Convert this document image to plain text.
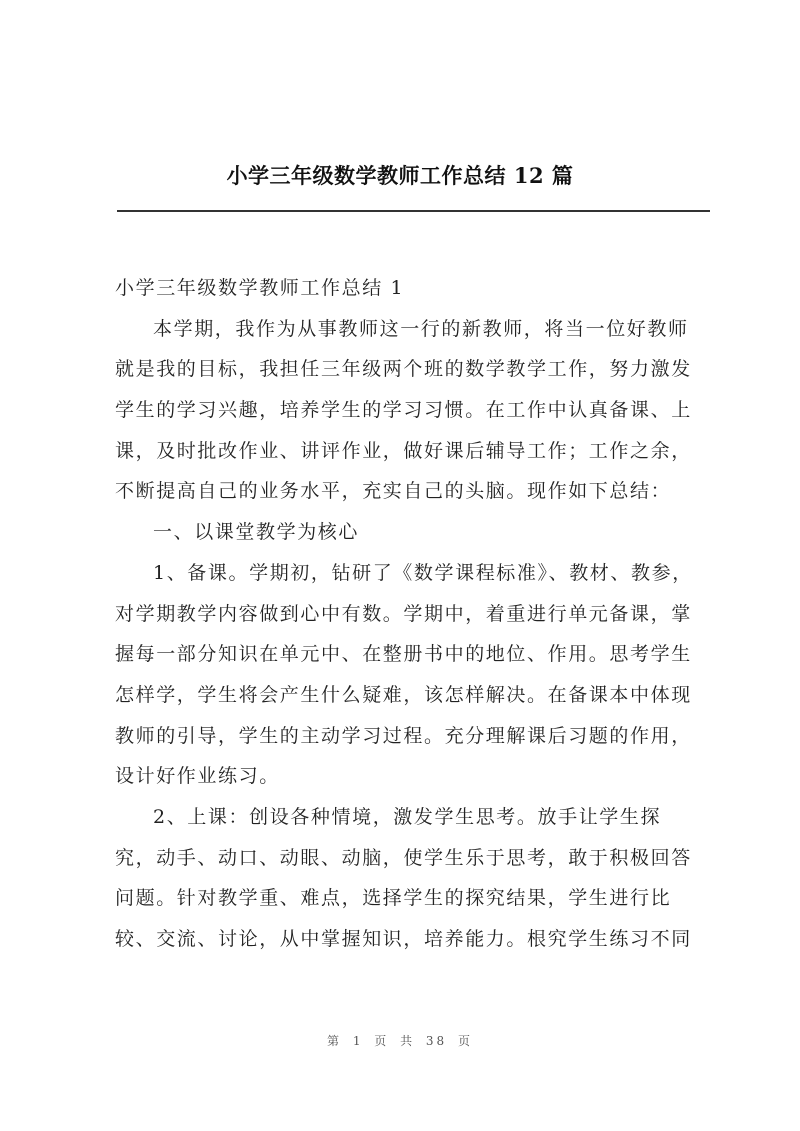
小学三年级数学教师工作总结 12 篇
小学三年级数学教师工作总结 1
本学期，我作为从事教师这一行的新教师，将当一位好教师
就是我的目标，我担任三年级两个班的数学教学工作，努力激发
学生的学习兴趣，培养学生的学习习惯。在工作中认真备课、上
课，及时批改作业、讲评作业，做好课后辅导工作；工作之余，
不断提高自己的业务水平，充实自己的头脑。现作如下总结：
一、以课堂教学为核心
1、备课。学期初，钻研了《数学课程标准》、教材、教参，
对学期教学内容做到心中有数。学期中，着重进行单元备课，掌
握每一部分知识在单元中、在整册书中的地位、作用。思考学生
怎样学，学生将会产生什么疑难，该怎样解决。在备课本中体现
教师的引导，学生的主动学习过程。充分理解课后习题的作用，
设计好作业练习。
2、上课：创设各种情境，激发学生思考。放手让学生探
究，动手、动口、动眼、动脑，使学生乐于思考，敢于积极回答
问题。针对教学重、难点，选择学生的探究结果，学生进行比
较、交流、讨论，从中掌握知识，培养能力。根究学生练习不同
第 1 页 共 38 页
